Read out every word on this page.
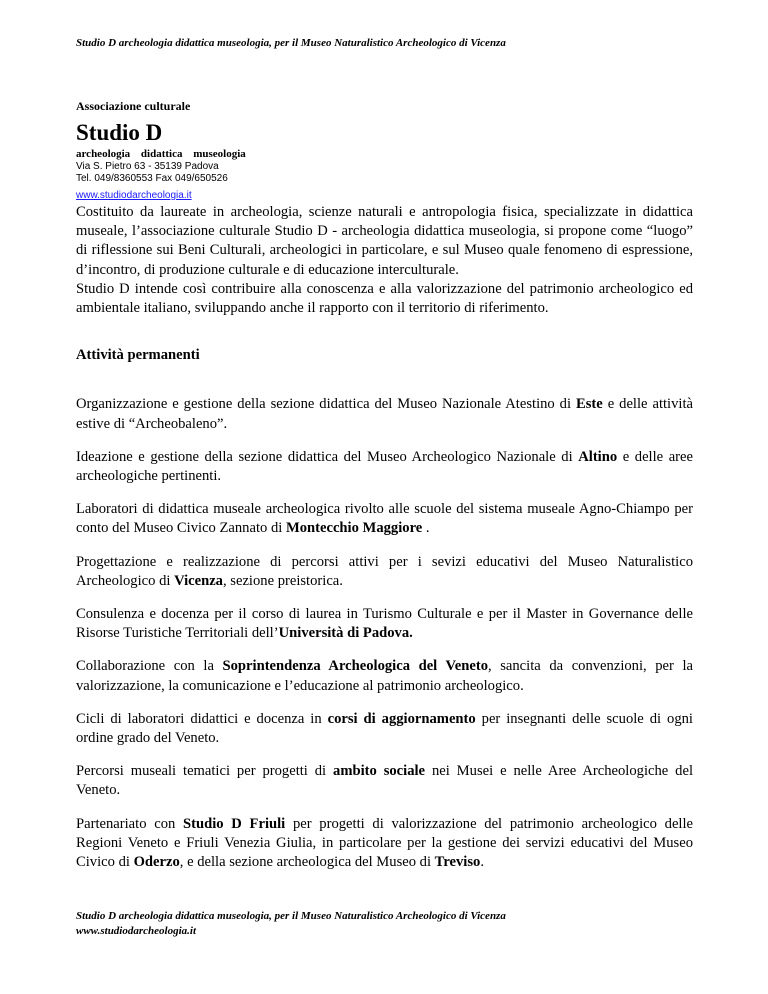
Studio D archeologia didattica museologia, per il Museo Naturalistico Archeologico di Vicenza
Associazione culturale
Studio D
archeologia didattica museologia
Via S. Pietro 63 - 35139 Padova
Tel. 049/8360553 Fax 049/650526
www.studiodarcheologia.it

Costituito da laureate in archeologia, scienze naturali e antropologia fisica, specializzate in didattica museale, l’associazione culturale Studio D - archeologia didattica museologia, si propone come “luogo” di riflessione sui Beni Culturali, archeologici in particolare, e sul Museo quale fenomeno di espressione, d’incontro, di produzione culturale e di educazione interculturale.

Studio D intende così contribuire alla conoscenza e alla valorizzazione del patrimonio archeologico ed ambientale italiano, sviluppando anche il rapporto con il territorio di riferimento.

Attività permanenti

Organizzazione e gestione della sezione didattica del Museo Nazionale Atestino di Este e delle attività estive di “Archeobaleno”.

Ideazione e gestione della sezione didattica del Museo Archeologico Nazionale di Altino e delle aree archeologiche pertinenti.

Laboratori di didattica museale archeologica rivolto alle scuole del sistema museale Agno-Chiampo per conto del Museo Civico Zannato di Montecchio Maggiore .

Progettazione e realizzazione di percorsi attivi per i sevizi educativi del Museo Naturalistico Archeologico di Vicenza, sezione preistorica.

Consulenza e docenza per il corso di laurea in Turismo Culturale e per il Master in Governance delle Risorse Turistiche Territoriali dell’Università di Padova.

Collaborazione con la Soprintendenza Archeologica del Veneto, sancita da convenzioni, per la valorizzazione, la comunicazione e l’educazione al patrimonio archeologico.

Cicli di laboratori didattici e docenza in corsi di aggiornamento per insegnanti delle scuole di ogni ordine grado del Veneto.

Percorsi museali tematici per progetti di ambito sociale nei Musei e nelle Aree Archeologiche del Veneto.

Partenariato con Studio D Friuli per progetti di valorizzazione del patrimonio archeologico delle Regioni Veneto e Friuli Venezia Giulia, in particolare per la gestione dei servizi educativi del Museo Civico di Oderzo, e della sezione archeologica del Museo di Treviso.

Studio D archeologia didattica museologia, per il Museo Naturalistico Archeologico di Vicenza
www.studiodarcheologia.it
